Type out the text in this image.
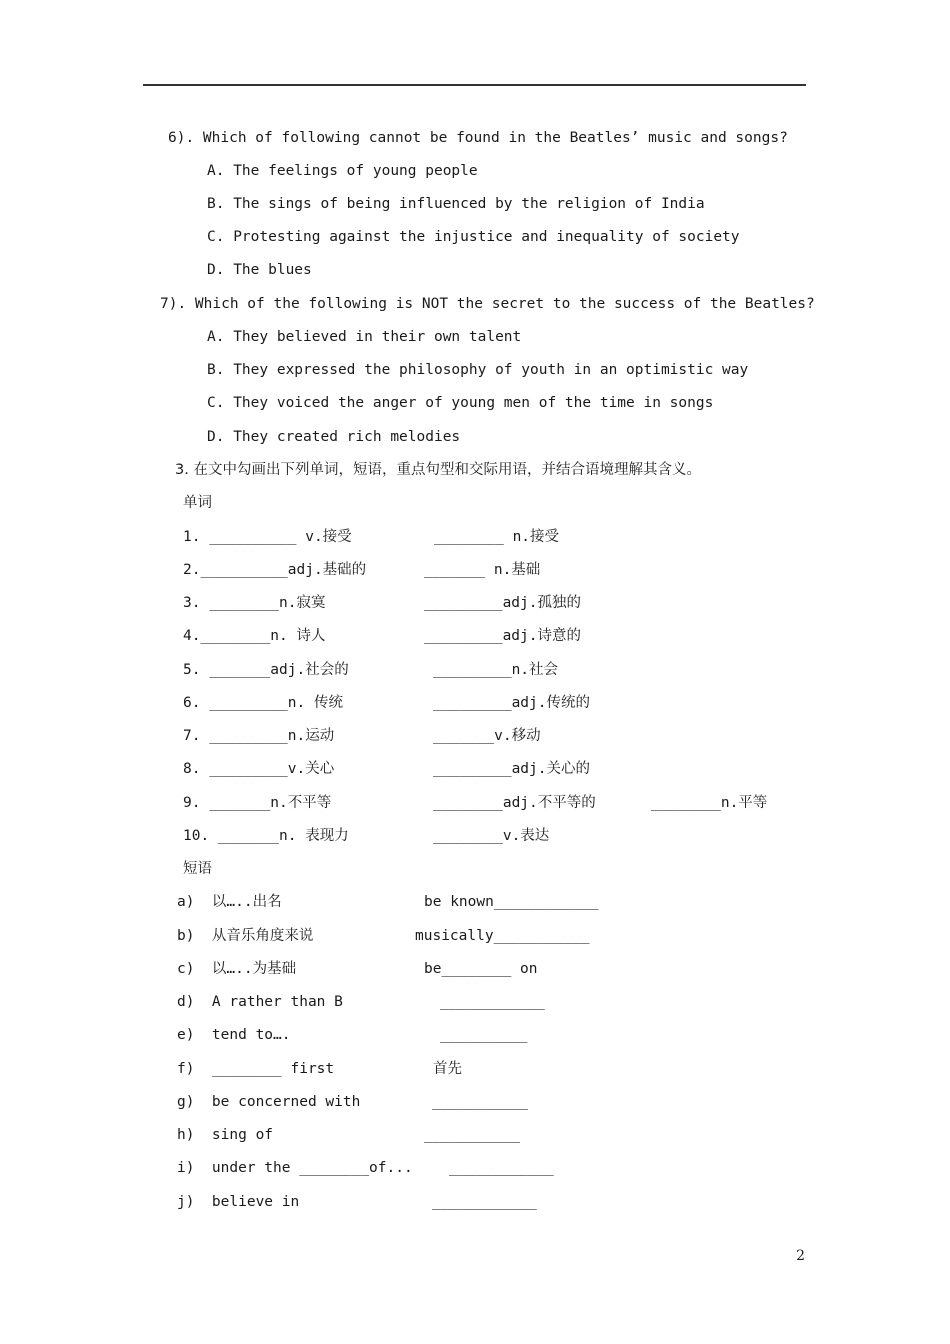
6). Which of following cannot be found in the Beatles’ music and songs?
A. The feelings of young people
B. The sings of being influenced by the religion of India
C. Protesting against the injustice and inequality of society
D. The blues
7). Which of the following is NOT the secret to the success of the Beatles?
A. They believed in their own talent
B. They expressed the philosophy of youth in an optimistic way
C. They voiced the anger of young men of the time in songs
D. They created rich melodies
3. 在文中勾画出下列单词，短语，重点句型和交际用语，并结合语境理解其含义。
单词
1. __________ v.接受	________ n.接受
2.__________adj.基础的	_______ n.基础
3. ________n.寂寞	_________adj.孤独的
4.________n. 诗人	_________adj.诗意的
5. _______adj.社会的	_________n.社会
6. _________n. 传统	_________adj.传统的
7. _________n.运动	_______v.移动
8. _________v.关心	_________adj.关心的
9. _______n.不平等	________adj.不平等的	________n.平等
10. _______n. 表现力	________v.表达
短语
a)  以…..出名	be known____________
b)  从音乐角度来说	musically___________
c)  以…..为基础	be________ on
d)  A rather than B	____________
e)  tend to….	__________
f)  ________ first	首先
g)  be concerned with	___________
h)  sing of	___________
i)  under the ________of...	____________
j)  believe in	____________
2
